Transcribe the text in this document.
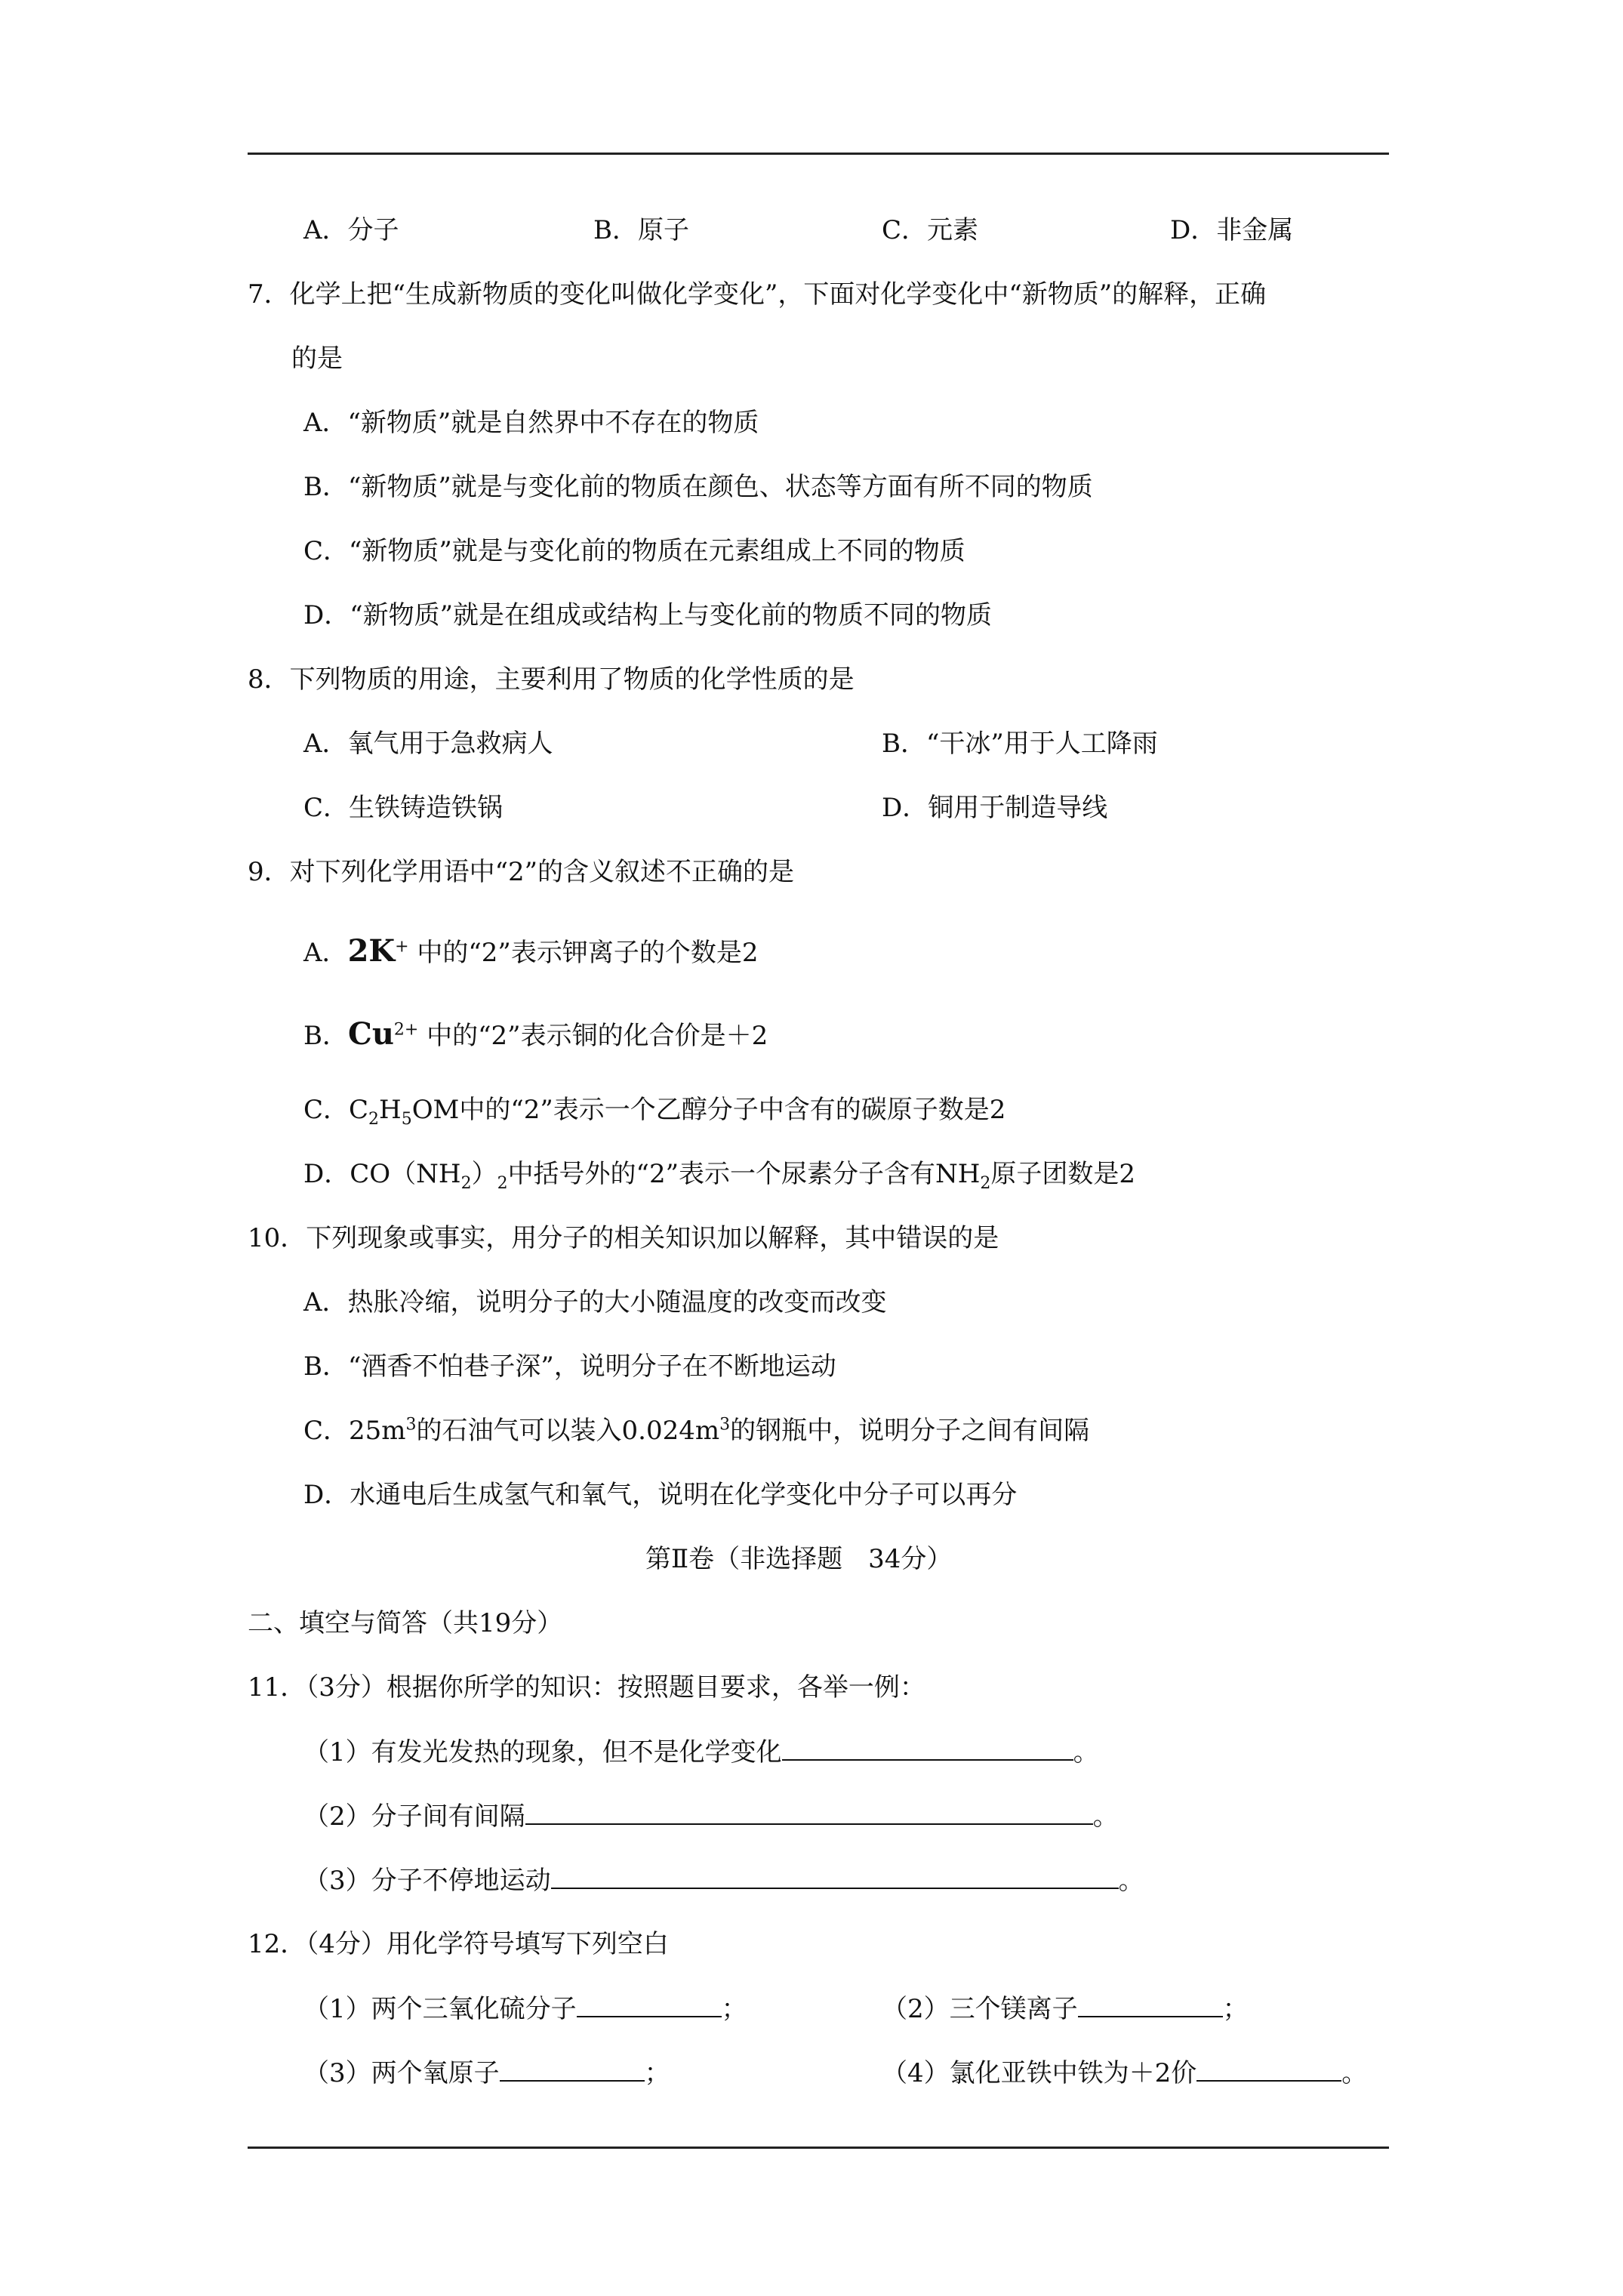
A．分子	B．原子	C．元素	D．非金属
7．化学上把“生成新物质的变化叫做化学变化”，下面对化学变化中“新物质”的解释，正确
的是
A．“新物质”就是自然界中不存在的物质
B．“新物质”就是与变化前的物质在颜色、状态等方面有所不同的物质
C．“新物质”就是与变化前的物质在元素组成上不同的物质
D．“新物质”就是在组成或结构上与变化前的物质不同的物质
8．下列物质的用途，主要利用了物质的化学性质的是
A．氧气用于急救病人	B．“干冰”用于人工降雨
C．生铁铸造铁锅	D．铜用于制造导线
9．对下列化学用语中“2”的含义叙述不正确的是
A．2K+ 中的“2”表示钾离子的个数是2
B．$Cu^{2+}$ 中的“2”表示铜的化合价是＋2
C．$C_2H_5OM$中的“2”表示一个乙醇分子中含有的碳原子数是2
D．$CO(NH_2)_2$中括号外的“2”表示一个尿素分子含有$NH_2$原子团数是2
10．下列现象或事实，用分子的相关知识加以解释，其中错误的是
A．热胀冷缩，说明分子的大小随温度的改变而改变
B．“酒香不怕巷子深”，说明分子在不断地运动
C．$25m^3$的石油气可以装入$0.024m^3$的钢瓶中，说明分子之间有间隔
D．水通电后生成氢气和氧气，说明在化学变化中分子可以再分
第Ⅱ卷（非选择题　34分）
二、填空与简答（共19分）
11．（3分）根据你所学的知识：按照题目要求，各举一例：
（1）有发光发热的现象，但不是化学变化	。
（2）分子间有间隔	。
（3）分子不停地运动	。
12．（4分）用化学符号填写下列空白
（1）两个三氧化硫分子	；	（2）三个镁离子	；
（3）两个氧原子	；	（4）氯化亚铁中铁为＋2价	。
